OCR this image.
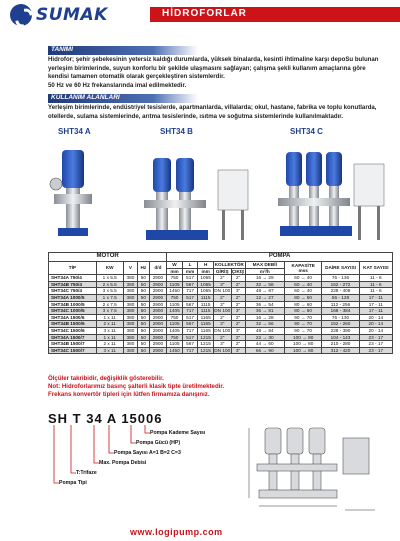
SUMAK	HİDROFORLAR
TANIMI
Hidrofor; şehir şebekesinin yetersiz kaldığı durumlarda, yüksek binalarda, kesinti ihtimaline karşı depoSu bulunan yerleşim birimlerinde, suyun konforlu bir şekilde ulaşmasını sağlayan; çalışma şekli kullanım amaçlarına göre kendisi tamamen otomatik olarak gerçekleştiren sistemlerdir.
50 Hz ve 60 Hz frekanslarında imal edilmektedir.
KULLANIM ALANLARI
Yerleşim birimlerinde, endüstriyel tesislerde, apartmanlarda, villalarda; okul, hastane, fabrika ve toplu konutlarda, otellerde, sulama sistemlerinde, arıtma tesislerinde, ısıtma ve soğutma sistemlerinde kullanılmaktadır.
SHT34 A	SHT34 B	SHT34 C
MOTOR					POMPA								
TİP	KW	V	Hz	d/d	W	L	H	KOLLEKTÖR		MAX DEBİİ	KAPASİTE
mss	DAİRE SAYISI	KAT SAYISI
					mm	mm	mm	GİRİŞ	ÇIKIŞ	m³/h			
SHT34A 750/4	1 x 5.5	380	50	2900	750	517	1065	2"	2"	16 → 29	60 → 40	76 - 136	11 - 6
SHT34B 750/4	2 x 5.5	380	50	2900	1105	567	1065	3"	2"	32 → 58	60 → 40	152 - 272	11 - 6
SHT34C 750/4	3 x 5.5	380	50	2900	1450	717	1065	DN 100	3"	48 → 87	60 → 40	228 - 408	11 - 6
SHT34A 1000/5	1 x 7.5	380	50	2900	750	517	1115	2"	2"	12 → 27	80 → 60	56 - 128	17 - 11
SHT34B 1000/5	2 x 7.5	380	50	2900	1105	567	1115	3"	2"	36 → 54	80 → 60	112 - 256	17 - 11
SHT34C 1000/5	3 x 7.5	380	50	2900	1405	717	1115	DN 100	3"	36 → 81	80 → 60	168 - 384	17 - 11
SHT34A 1500/6	1 x 11	380	50	2900	750	517	1165	2"	2"	16 → 28	90 → 70	76 - 130	20 - 14
SHT34B 1500/6	2 x 11	380	50	2900	1105	567	1165	3"	2"	32 → 56	90 → 70	152 - 260	20 - 14
SHT34C 1500/6	3 x 11	380	50	2900	1405	717	1165	DN 100	3"	48 → 84	90 → 70	228 - 390	20 - 14
SHT34A 1500/7	1 x 11	380	50	2900	750	517	1215	2"	2"	22 → 30	100 → 80	104 - 143	23 - 17
SHT34B 1500/7	2 x 11	380	50	2900	1105	567	1215	3"	2"	44 → 60	100 → 80	210 - 280	23 - 17
SHT34C 1500/7	3 x 11	380	50	2900	1450	717	1215	DN 100	3"	66 → 90	100 → 80	312 - 420	23 - 17
Ölçüler takribidir, değişiklik gösterebilir.
Not: Hidroforlarımız basınç şalterli klasik tipte üretilmektedir.
Frekans konvertör tipleri için lütfen firmamıza danışınız.
SH T 34 A 15006
Pompa Kademe Sayısı
Pompa Gücü (HP)
Pompa Sayısı A=1 B=2 C=3
Max. Pompa Debisi
T:Trifaze
Pompa Tipi
www.logipump.com
